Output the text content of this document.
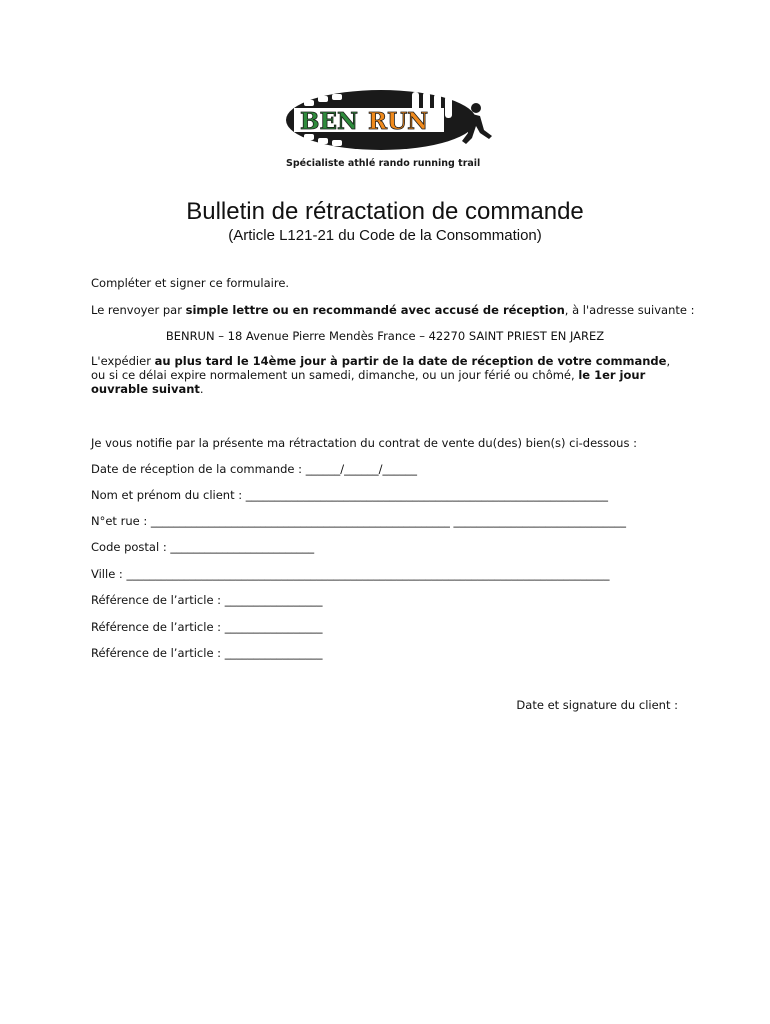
BEN RUN
Spécialiste athlé rando running trail
Bulletin de rétractation de commande
(Article L121-21 du Code de la Consommation)
Compléter et signer ce formulaire.
Le renvoyer par simple lettre ou en recommandé avec accusé de réception, à l'adresse suivante :
BENRUN – 18 Avenue Pierre Mendès France – 42270 SAINT PRIEST EN JAREZ
L'expédier au plus tard le 14ème jour à partir de la date de réception de votre commande, ou si ce délai expire normalement un samedi, dimanche, ou un jour férié ou chômé, le 1er jour ouvrable suivant.
Je vous notifie par la présente ma rétractation du contrat de vente du(des) bien(s) ci-dessous :
Date de réception de la commande : ______/______/______
Nom et prénom du client : _______________________________________________________________
N°et rue : ____________________________________________________ ______________________________
Code postal : _________________________
Ville : ____________________________________________________________________________________
Référence de l’article : _________________
Référence de l’article : _________________
Référence de l’article : _________________
Date et signature du client :
